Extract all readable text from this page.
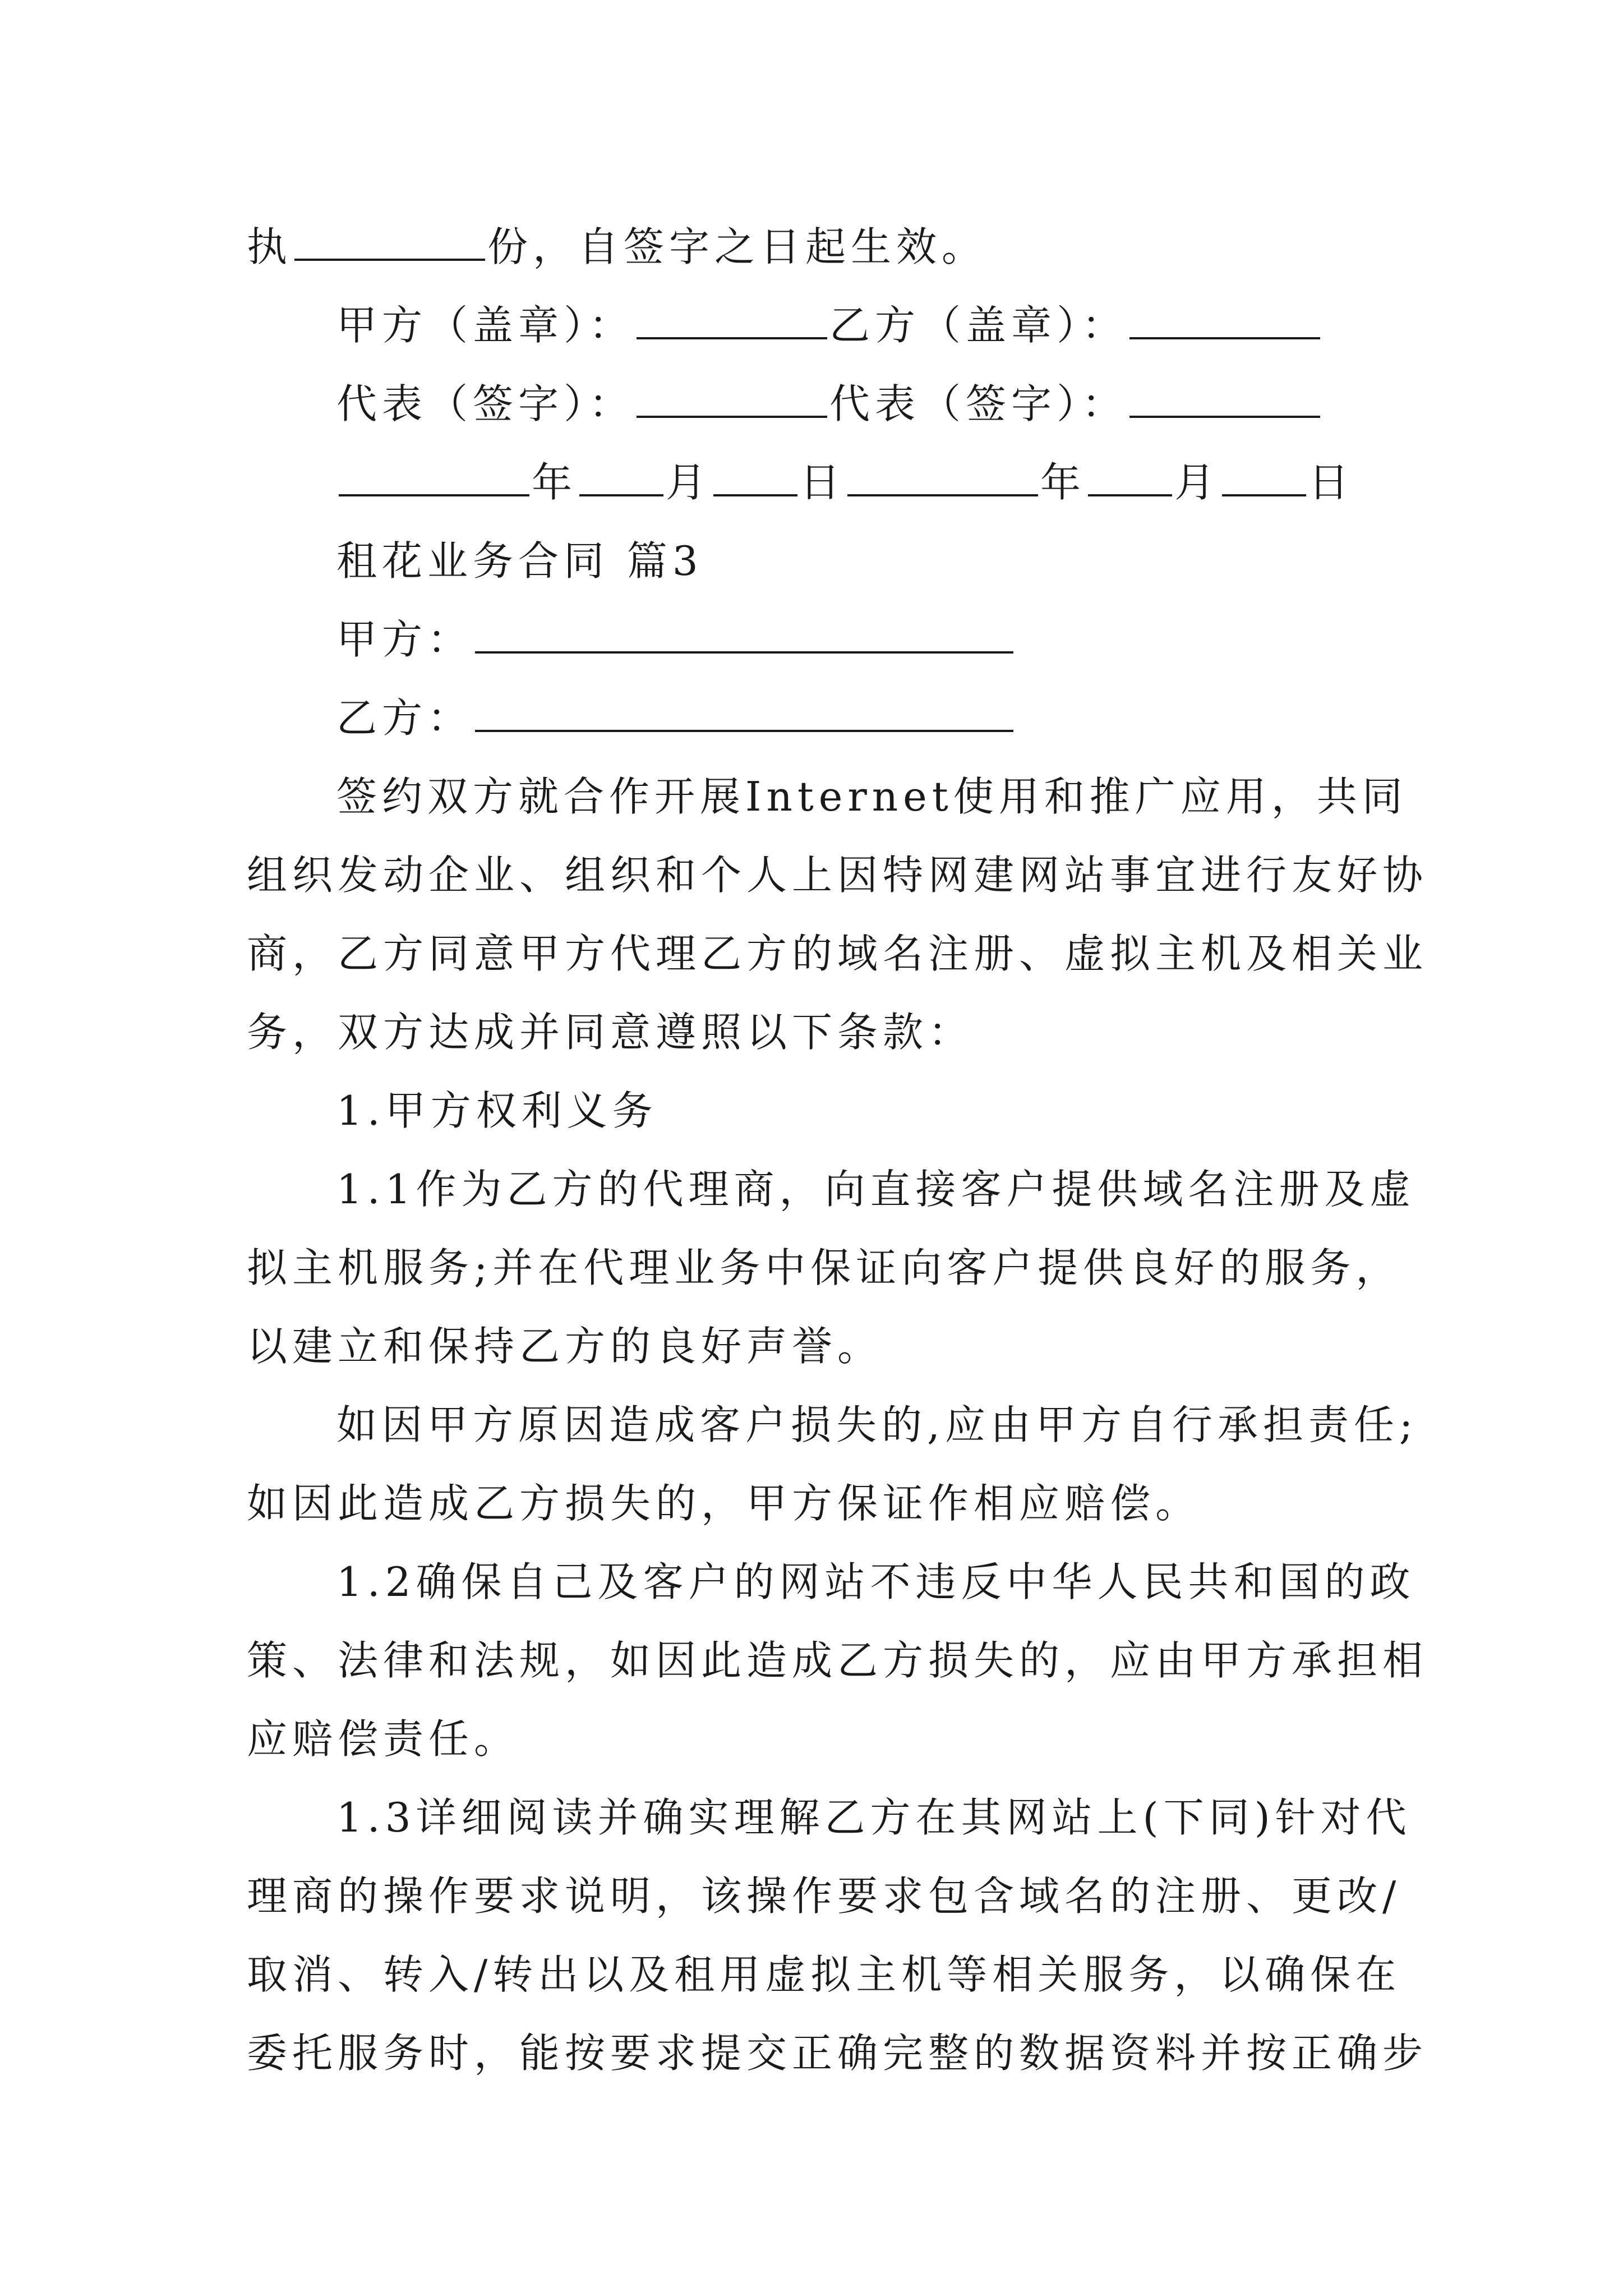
执	份，自签字之日起生效。
甲方（盖章）：	乙方（盖章）：
代表（签字）：	代表（签字）：
年 月 日	年 月 日
租花业务合同 篇3
甲方：
乙方：
签约双方就合作开展Internet使用和推广应用，共同
组织发动企业、组织和个人上因特网建网站事宜进行友好协
商，乙方同意甲方代理乙方的域名注册、虚拟主机及相关业
务，双方达成并同意遵照以下条款：
1.甲方权利义务
1.1作为乙方的代理商，向直接客户提供域名注册及虚
拟主机服务;并在代理业务中保证向客户提供良好的服务，
以建立和保持乙方的良好声誉。
如因甲方原因造成客户损失的,应由甲方自行承担责任;
如因此造成乙方损失的，甲方保证作相应赔偿。
1.2确保自己及客户的网站不违反中华人民共和国的政
策、法律和法规，如因此造成乙方损失的，应由甲方承担相
应赔偿责任。
1.3详细阅读并确实理解乙方在其网站上(下同)针对代
理商的操作要求说明，该操作要求包含域名的注册、更改/
取消、转入/转出以及租用虚拟主机等相关服务，以确保在
委托服务时，能按要求提交正确完整的数据资料并按正确步
